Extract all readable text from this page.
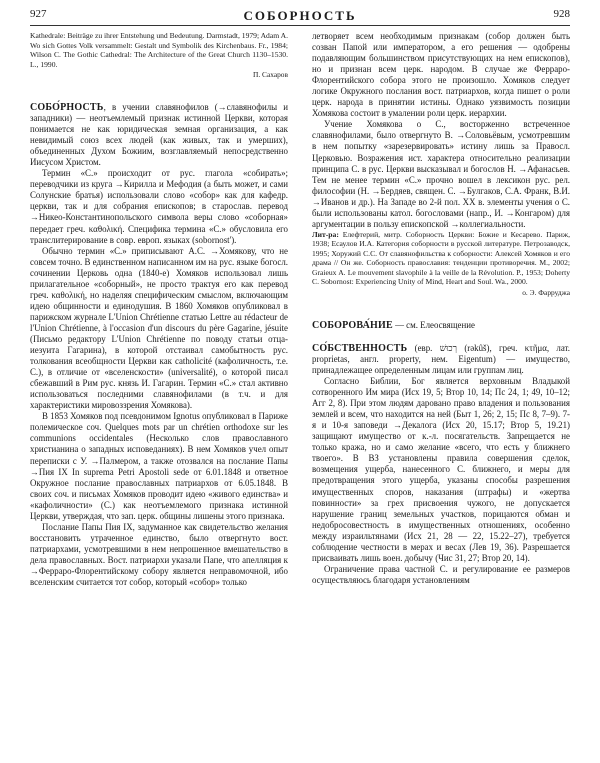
927	СОБОРНОСТЬ	928

Kathedrale: Beiträge zu ihrer Entstehung und Bedeutung. Darmstadt, 1979; Adam A. Wo sich Gottes Volk versammelt: Gestalt und Symbolik des Kirchenbaus. Fr., 1984; Wilson C. The Gothic Cathedral: The Architecture of the Great Church 1130–1530. L., 1990.

П. Сахаров

СОБО́РНОСТЬ, в учении славянофилов (→славянофилы и западники) — неотъемлемый признак истинной Церкви, которая понимается не как юридическая земная организация, а как невидимый союз всех людей (как живых, так и умерших), объединенных Духом Божиим, возглавляемый непосредственно Иисусом Христом.

Термин «С.» происходит от рус. глагола «собирать»; переводчики из круга →Кирилла и Мефодия (а быть может, и сами Солунские братья) использовали слово «собор» как для кафедр. церкви, так и для собрания епископов; в старослав. перевод →Никео-Константинопольского символа веры слово «соборная» передает греч. καθολική. Специфика термина «С.» обусловила его транслитерирование в совр. европ. языках (sobornost').

Обычно термин «С.» приписывают А.С. →Хомякову, что не совсем точно. В единственном написанном им на рус. языке богосл. сочинении Церковь одна (1840-е) Хомяков использовал лишь прилагательное «соборный», не просто трактуя его как перевод греч. καθολική, но наделяя специфическим смыслом, включающим идею общинности и единодушия. В 1860 Хомяков опубликовал в парижском журнале L'Union Chrétienne статью Lettre au rédacteur de l'Union Chrétienne, à l'occasion d'un discours du père Gagarine, jésuite (Письмо редактору L'Union Chrétienne по поводу статьи отца-иезуита Гагарина), в которой отстаивал самобытность рус. толкования всеобщности Церкви как catholicité (кафоличность, т.е. С.), в отличие от «вселенскости» (universalité), о которой писал сбежавший в Рим рус. князь И. Гагарин. Термин «С.» стал активно использоваться последними славянофилами (в т.ч. и для характеристики мировоззрения Хомякова).

В 1853 Хомяков под псевдонимом Ignotus опубликовал в Париже полемическое соч. Quelques mots par un chrétien orthodoxe sur les communions occidentales (Несколько слов православного христианина о западных исповеданиях). В нем Хомяков учел опыт переписки с У. →Палмером, а также отозвался на послание Папы →Пия IX In suprema Petri Apostoli sede от 6.01.1848 и ответное Окружное послание православных патриархов от 6.05.1848. В своих соч. и письмах Хомяков проводит идею «живого единства» и «кафоличности» (С.) как неотъемлемого признака истинной Церкви, утверждая, что зап. церк. общины лишены этого признака.

Послание Папы Пия IX, задуманное как свидетельство желания восстановить утраченное единство, было отвергнуто вост. патриархами, усмотревшими в нем непрошенное вмешательство в дела православных. Вост. патриархи указали Папе, что апелляция к →Ферраро-Флорентийскому собору является неправомочной, ибо вселенским считается тот собор, который «собор» только

летворяет всем необходимым признакам (собор должен быть созван Папой или императором, а его решения — одобрены подавляющим большинством присутствующих на нем епископов), но и признан всем церк. народом. В случае же Ферраро-Флорентийского собора этого не произошло. Хомяков следует логике Окружного послания вост. патриархов, когда пишет о роли церк. народа в принятии истины. Однако уязвимость позиции Хомякова состоит в умалении роли церк. иерархии.

Учение Хомякова о С., восторженно встреченное славянофилами, было отвергнуто В. →Соловьёвым, усмотревшим в нем попытку «зарезервировать» истину лишь за Правосл. Церковью. Возражения ист. характера относительно реализации принципа С. в рус. Церкви высказывал и богослов Н. →Афанасьев. Тем не менее термин «С.» прочно вошел в лексикон рус. рел. философии (Н. →Бердяев, священ. С. →Булгаков, С.А. Франк, В.И. →Иванов и др.). На Западе во 2-й пол. XX в. элементы учения о С. были использованы катол. богословами (напр., И. →Конгаром) для аргументации в пользу епископской →коллегиальности.

Лит-ра: Елефтерий, митр. Соборность Церкви: Божие и Кесарево. Париж, 1938; Есаулов И.А. Категория соборности в русской литературе. Петрозаводск, 1995; Хоружий С.С. От славянофильства к соборности: Алексей Хомяков и его драма // Он же. Соборность православия: тенденции противоречия. М., 2002; Graieux A. Le mouvement slavophile à la veille de la Révolution. P., 1953; Doherty C. Sobornost: Experiencing Unity of Mind, Heart and Soul. Wa., 2000.

о. Э. Фарруджа

СОБОРОВА́НИЕ — см. Елеосвящение

СО́БСТВЕННОСТЬ (евр. רְכוּשׁ (rəkûš), греч. κτῆμα, лат. proprietas, англ. property, нем. Eigentum) — имущество, принадлежащее определенным лицам или группам лиц.

Согласно Библии, Бог является верховным Владыкой сотворенного Им мира (Исх 19, 5; Втор 10, 14; Пс 24, 1; 49, 10–12; Агг 2, 8). При этом людям даровано право владения и пользования землей и всем, что находится на ней (Быт 1, 26; 2, 15; Пс 8, 7–9). 7-я и 10-я заповеди →Декалога (Исх 20, 15.17; Втор 5, 19.21) защищают имущество от к.-л. посягательств. Запрещается не только кража, но и само желание «всего, что есть у ближнего твоего». В ВЗ установлены правила совершения сделок, возмещения ущерба, нанесенного С. ближнего, и меры для предотвращения этого ущерба, указаны способы разрешения имущественных споров, наказания (штрафы) и «жертва повинности» за грех присвоения чужого, не допускается нарушение границ земельных участков, порицаются обман и недобросовестность в имущественных отношениях, особенно между израильтянами (Исх 21, 28 — 22, 15.22–27), требуется соблюдение честности в мерах и весах (Лев 19, 36). Разрешается присваивать лишь воен. добычу (Чис 31, 27; Втор 20, 14).

Ограничение права частной С. и регулирование ее размеров осуществляюсь благодаря установлениям
